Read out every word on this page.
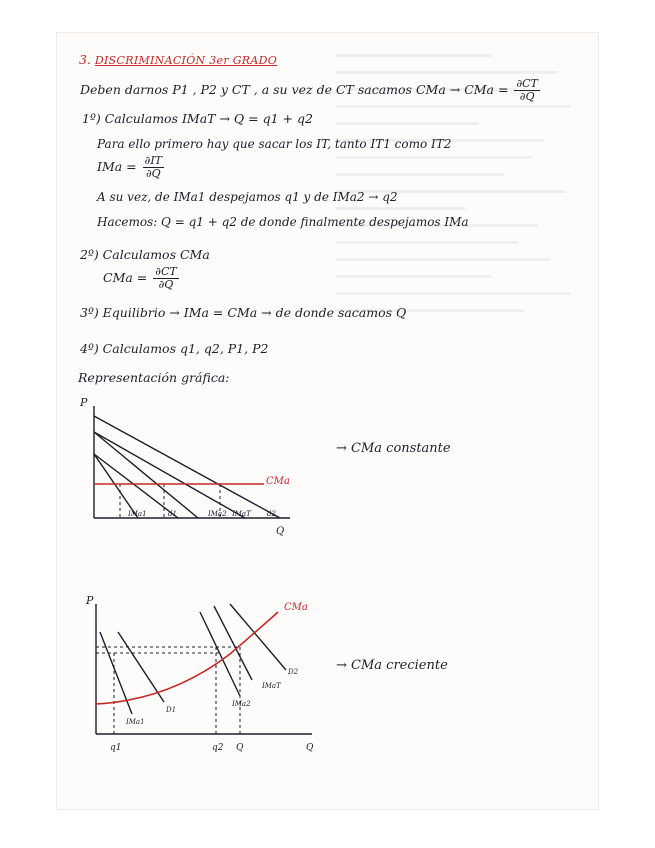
3. DISCRIMINACIÓN 3er GRADO
Deben darnos P1 , P2 y CT , a su vez de CT sacamos CMa → CMa = $\frac{\partial CT}{\partial Q}$
1º) Calculamos IMaT → Q = q1 + q2
Para ello primero hay que sacar los IT, tanto IT1 como IT2
IMa = $\frac{\partial IT}{\partial Q}$
A su vez, de IMa1 despejamos q1 y de IMa2 → q2
Hacemos: Q = q1 + q2 de donde finalmente despejamos IMa
2º) Calculamos CMa
CMa = $\frac{\partial CT}{\partial Q}$
3º) Equilibrio → IMa = CMa → de donde sacamos Q
4º) Calculamos q1, q2, P1, P2
Representación gráfica:
P
Q
CMa
IMa1	d1	IMa2 IMaT d2
→ CMa constante
P
CMa
IMa1
D1
IMa2
IMaT
D2
q1	q2 Q	Q
→ CMa creciente
